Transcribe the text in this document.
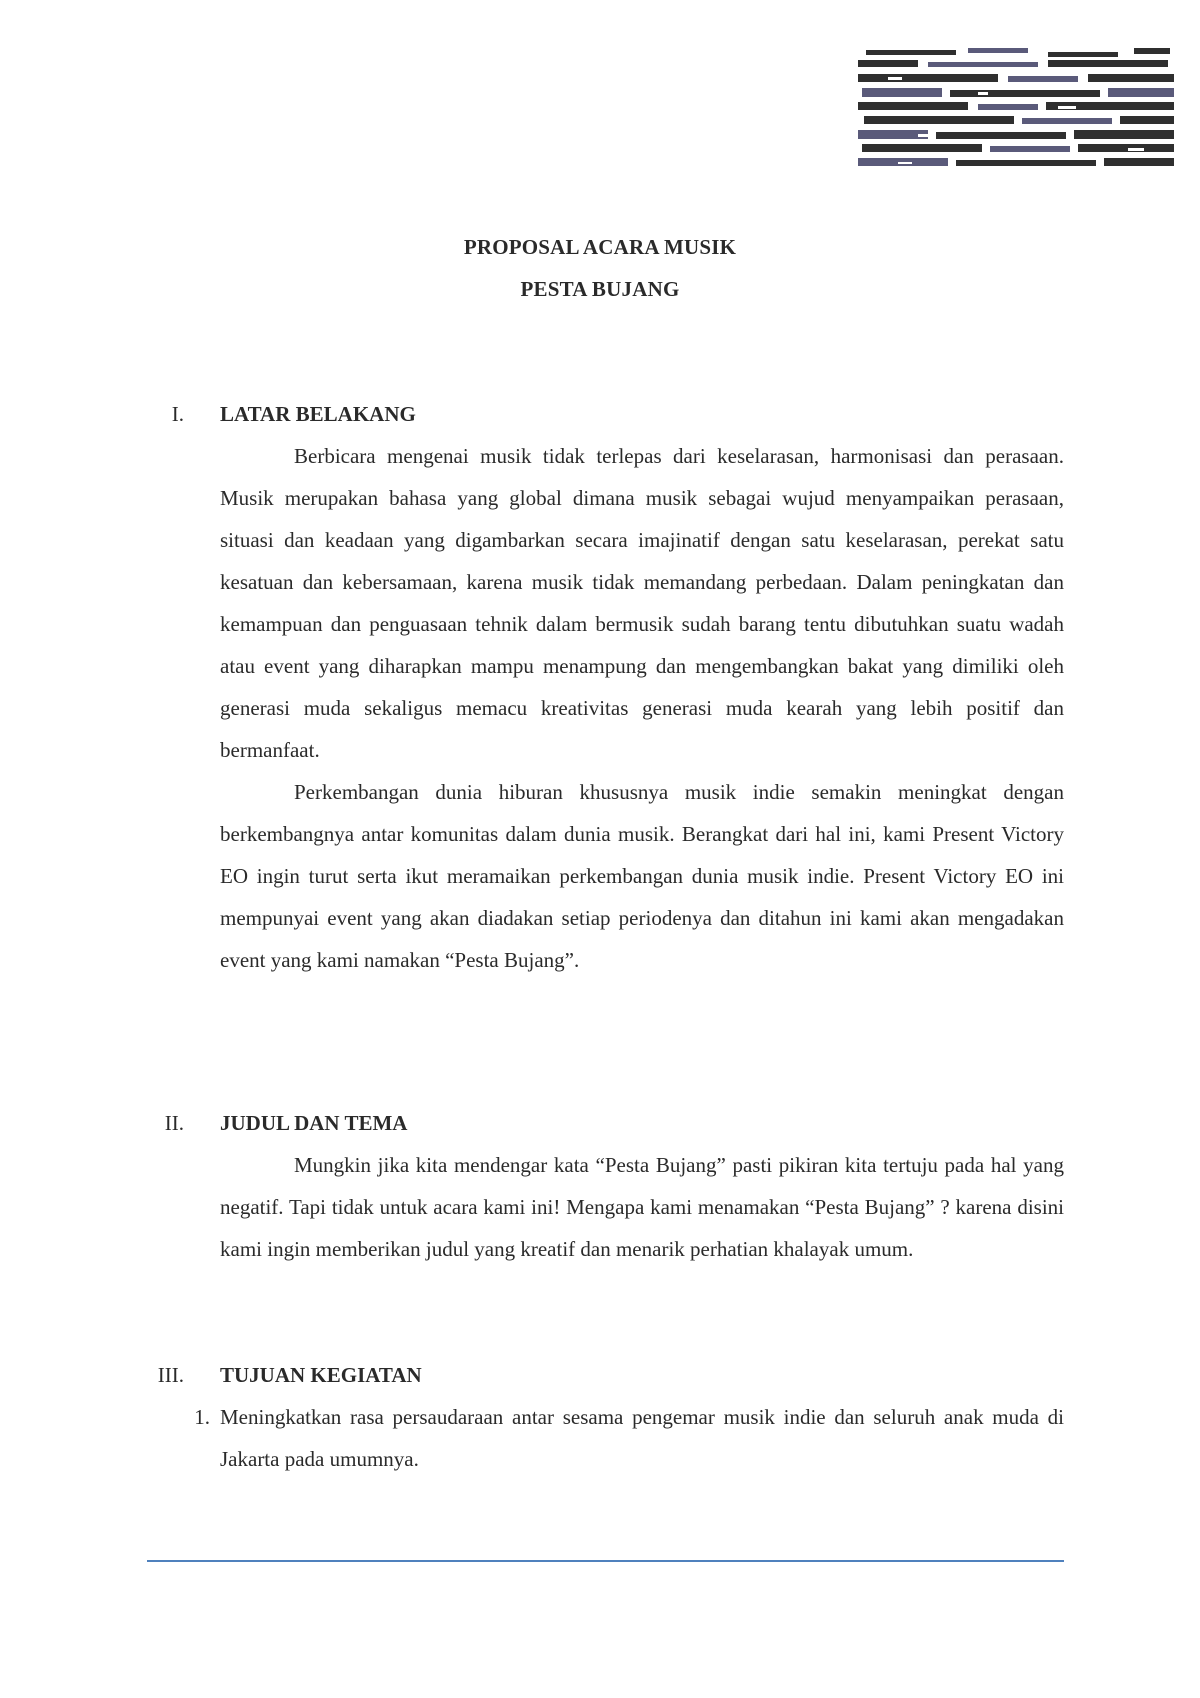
PROPOSAL ACARA MUSIK
PESTA BUJANG
I. LATAR BELAKANG

Berbicara mengenai musik tidak terlepas dari keselarasan, harmonisasi dan perasaan. Musik merupakan bahasa yang global dimana musik sebagai wujud menyampaikan perasaan, situasi dan keadaan yang digambarkan secara imajinatif dengan satu keselarasan, perekat satu kesatuan dan kebersamaan, karena musik tidak memandang perbedaan. Dalam peningkatan dan kemampuan dan penguasaan tehnik dalam bermusik sudah barang tentu dibutuhkan suatu wadah atau event yang diharapkan mampu menampung dan mengembangkan bakat yang dimiliki oleh generasi muda sekaligus memacu kreativitas generasi muda kearah yang lebih positif dan bermanfaat.

Perkembangan dunia hiburan khususnya musik indie semakin meningkat dengan berkembangnya antar komunitas dalam dunia musik. Berangkat dari hal ini, kami Present Victory EO ingin turut serta ikut meramaikan perkembangan dunia musik indie. Present Victory EO ini mempunyai event yang akan diadakan setiap periodenya dan ditahun ini kami akan mengadakan event yang kami namakan “Pesta Bujang”.

II. JUDUL DAN TEMA

Mungkin jika kita mendengar kata “Pesta Bujang” pasti pikiran kita tertuju pada hal yang negatif. Tapi tidak untuk acara kami ini! Mengapa kami menamakan “Pesta Bujang” ? karena disini kami ingin memberikan judul yang kreatif dan menarik perhatian khalayak umum.

III. TUJUAN KEGIATAN
1. Meningkatkan rasa persaudaraan antar sesama pengemar musik indie dan seluruh anak muda di Jakarta pada umumnya.
